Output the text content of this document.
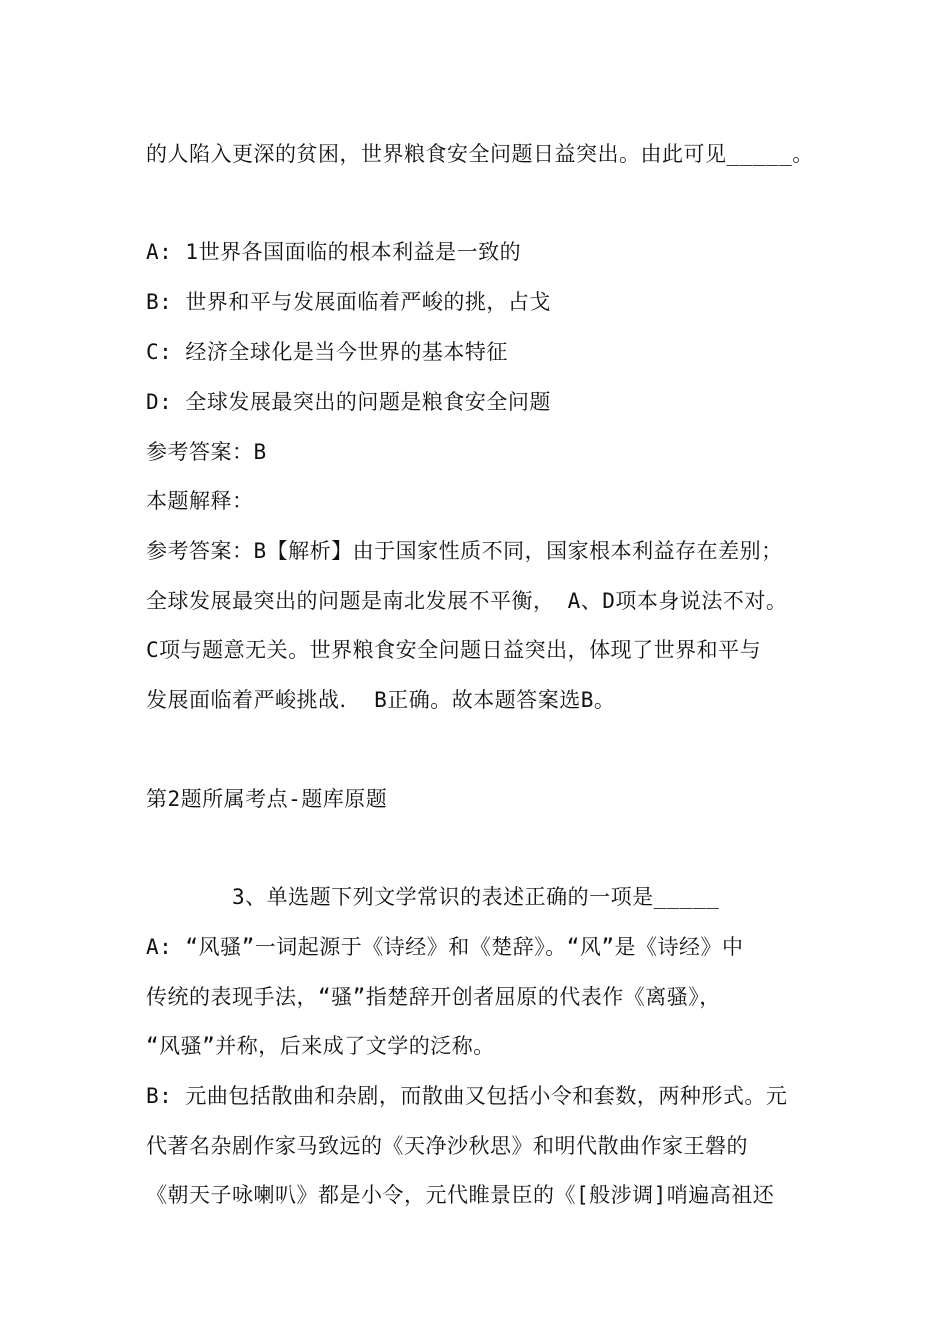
的人陷入更深的贫困，世界粮食安全问题日益突出。由此可见_____。
A: 1世界各国面临的根本利益是一致的
B: 世界和平与发展面临着严峻的挑，占戈
C: 经济全球化是当今世界的基本特征
D: 全球发展最突出的问题是粮食安全问题
参考答案：B
本题解释：
参考答案：B【解析】由于国家性质不同，国家根本利益存在差别；
全球发展最突出的问题是南北发展不平衡， A、D项本身说法不对。
C项与题意无关。世界粮食安全问题日益突出，体现了世界和平与
发展面临着严峻挑战． B正确。故本题答案选B。
第2题所属考点-题库原题
3、单选题下列文学常识的表述正确的一项是_____
A: “风骚”一词起源于《诗经》和《楚辞》。“风”是《诗经》中
传统的表现手法，“骚”指楚辞开创者屈原的代表作《离骚》，
“风骚”并称，后来成了文学的泛称。
B: 元曲包括散曲和杂剧，而散曲又包括小令和套数，两种形式。元
代著名杂剧作家马致远的《天净沙秋思》和明代散曲作家王磐的
《朝天子咏喇叭》都是小令，元代睢景臣的《[般涉调]哨遍高祖还
